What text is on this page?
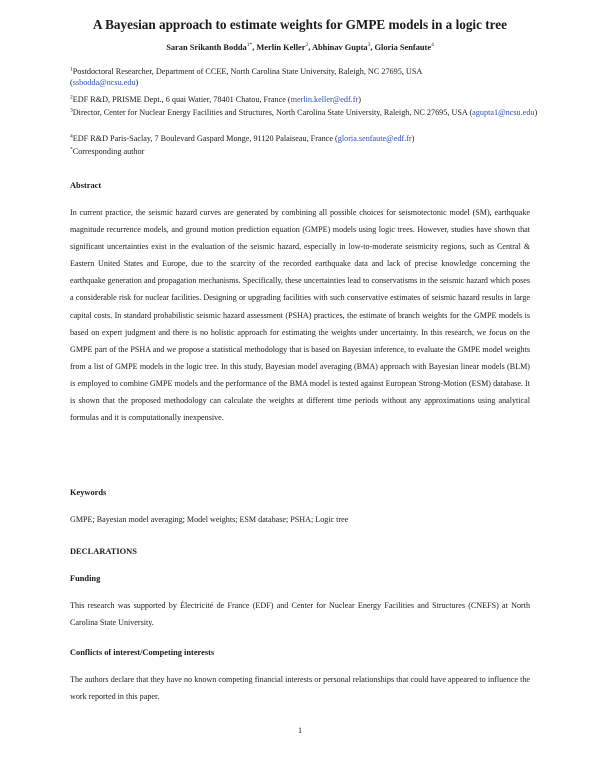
A Bayesian approach to estimate weights for GMPE models in a logic tree
Saran Srikanth Bodda$^{1*}$, Merlin Keller$^2$, Abhinav Gupta$^3$, Gloria Senfaute$^4$
$^1$Postdoctoral Researcher, Department of CCEE, North Carolina State University, Raleigh, NC 27695, USA
(ssbodda@ncsu.edu)
$^2$EDF R&D, PRISME Dept., 6 quai Watier, 78401 Chatou, France (merlin.keller@edf.fr)
$^3$Director, Center for Nuclear Energy Facilities and Structures, North Carolina State University, Raleigh, NC 27695, USA (agupta1@ncsu.edu)
$^4$EDF R&D Paris-Saclay, 7 Boulevard Gaspard Monge, 91120 Palaiseau, France (gloria.senfaute@edf.fr)
*Corresponding author
Abstract
In current practice, the seismic hazard curves are generated by combining all possible choices for seismotectonic model (SM), earthquake magnitude recurrence models, and ground motion prediction equation (GMPE) models using logic trees. However, studies have shown that significant uncertainties exist in the evaluation of the seismic hazard, especially in low-to-moderate seismicity regions, such as Central & Eastern United States and Europe, due to the scarcity of the recorded earthquake data and lack of precise knowledge concerning the earthquake generation and propagation mechanisms. Specifically, these uncertainties lead to conservatisms in the seismic hazard which poses a considerable risk for nuclear facilities. Designing or upgrading facilities with such conservative estimates of seismic hazard results in large capital costs. In standard probabilistic seismic hazard assessment (PSHA) practices, the estimate of branch weights for the GMPE models is based on expert judgment and there is no holistic approach for estimating the weights under uncertainty. In this research, we focus on the GMPE part of the PSHA and we propose a statistical methodology that is based on Bayesian inference, to evaluate the GMPE model weights from a list of GMPE models in the logic tree. In this study, Bayesian model averaging (BMA) approach with Bayesian linear models (BLM) is employed to combine GMPE models and the performance of the BMA model is tested against European Strong-Motion (ESM) database. It is shown that the proposed methodology can calculate the weights at different time periods without any approximations using analytical formulas and it is computationally inexpensive.
Keywords
GMPE; Bayesian model averaging; Model weights; ESM database; PSHA; Logic tree
DECLARATIONS
Funding
This research was supported by Électricité de France (EDF) and Center for Nuclear Energy Facilities and Structures (CNEFS) at North Carolina State University.
Conflicts of interest/Competing interests
The authors declare that they have no known competing financial interests or personal relationships that could have appeared to influence the work reported in this paper.
1
